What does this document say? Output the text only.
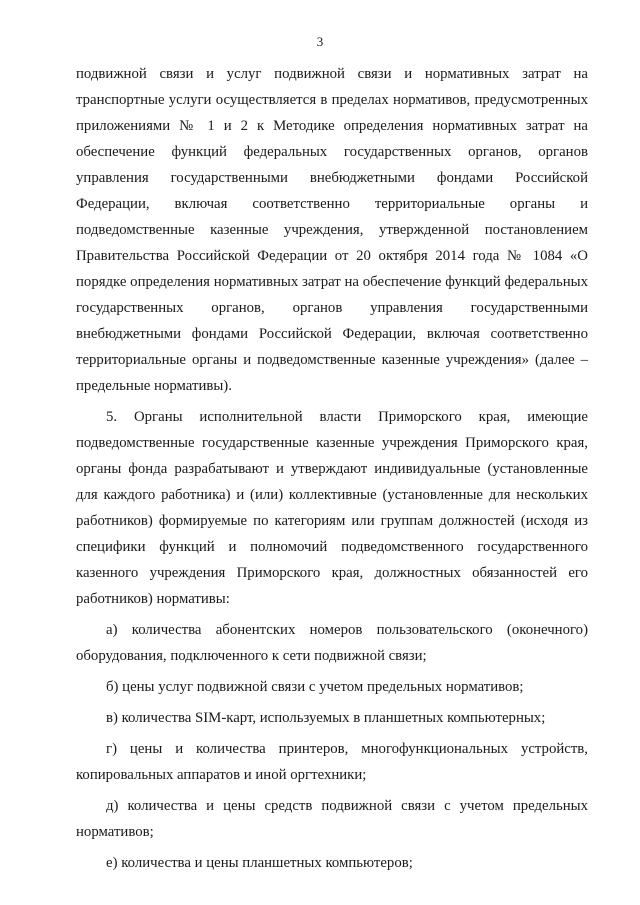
3

подвижной связи и услуг подвижной связи и нормативных затрат на транспортные услуги осуществляется в пределах нормативов, предусмотренных приложениями № 1 и 2 к Методике определения нормативных затрат на обеспечение функций федеральных государственных органов, органов управления государственными внебюджетными фондами Российской Федерации, включая соответственно территориальные органы и подведомственные казенные учреждения, утвержденной постановлением Правительства Российской Федерации от 20 октября 2014 года № 1084 «О порядке определения нормативных затрат на обеспечение функций федеральных государственных органов, органов управления государственными внебюджетными фондами Российской Федерации, включая соответственно территориальные органы и подведомственные казенные учреждения» (далее – предельные нормативы).

5. Органы исполнительной власти Приморского края, имеющие подведомственные государственные казенные учреждения Приморского края, органы фонда разрабатывают и утверждают индивидуальные (установленные для каждого работника) и (или) коллективные (установленные для нескольких работников) формируемые по категориям или группам должностей (исходя из специфики функций и полномочий подведомственного государственного казенного учреждения Приморского края, должностных обязанностей его работников) нормативы:

а) количества абонентских номеров пользовательского (оконечного) оборудования, подключенного к сети подвижной связи;

б) цены услуг подвижной связи с учетом предельных нормативов;

в) количества SIM-карт, используемых в планшетных компьютерных;

г) цены и количества принтеров, многофункциональных устройств, копировальных аппаратов и иной оргтехники;

д) количества и цены средств подвижной связи с учетом предельных нормативов;

е) количества и цены планшетных компьютеров;
